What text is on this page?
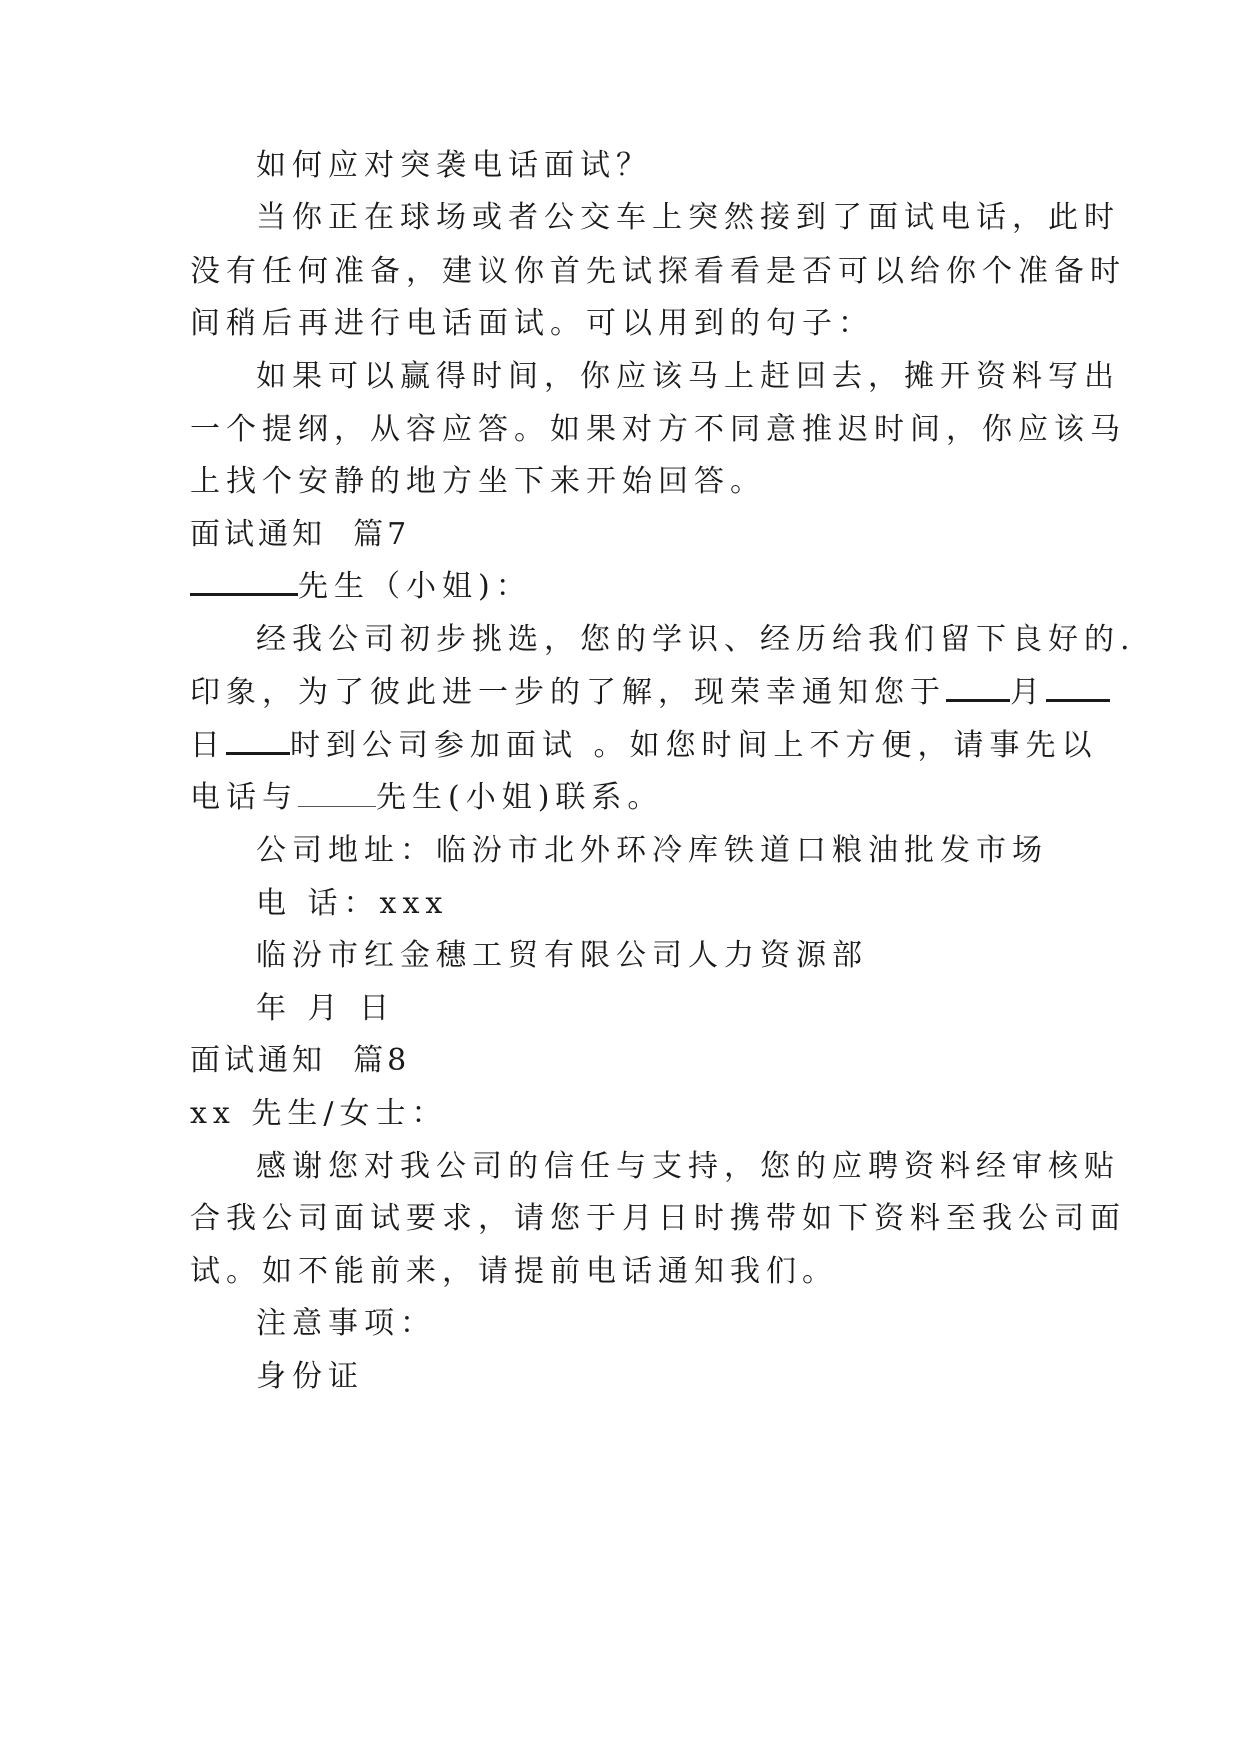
如何应对突袭电话面试？
当你正在球场或者公交车上突然接到了面试电话，此时
没有任何准备，建议你首先试探看看是否可以给你个准备时
间稍后再进行电话面试。可以用到的句子：
如果可以赢得时间，你应该马上赶回去，摊开资料写出
一个提纲，从容应答。如果对方不同意推迟时间，你应该马
上找个安静的地方坐下来开始回答。
面试通知  篇7
先生（小姐)：
经我公司初步挑选，您的学识、经历给我们留下良好的.
印象，为了彼此进一步的了解，现荣幸通知您于 月
日 时到公司参加面试 。如您时间上不方便，请事先以
电话与	先生(小姐)联系。
公司地址：临汾市北外环冷库铁道口粮油批发市场
电 话：xxx
临汾市红金穗工贸有限公司人力资源部
年 月 日
面试通知  篇8
xx 先生/女士：
感谢您对我公司的信任与支持，您的应聘资料经审核贴
合我公司面试要求，请您于月日时携带如下资料至我公司面
试。如不能前来，请提前电话通知我们。
注意事项：
身份证
